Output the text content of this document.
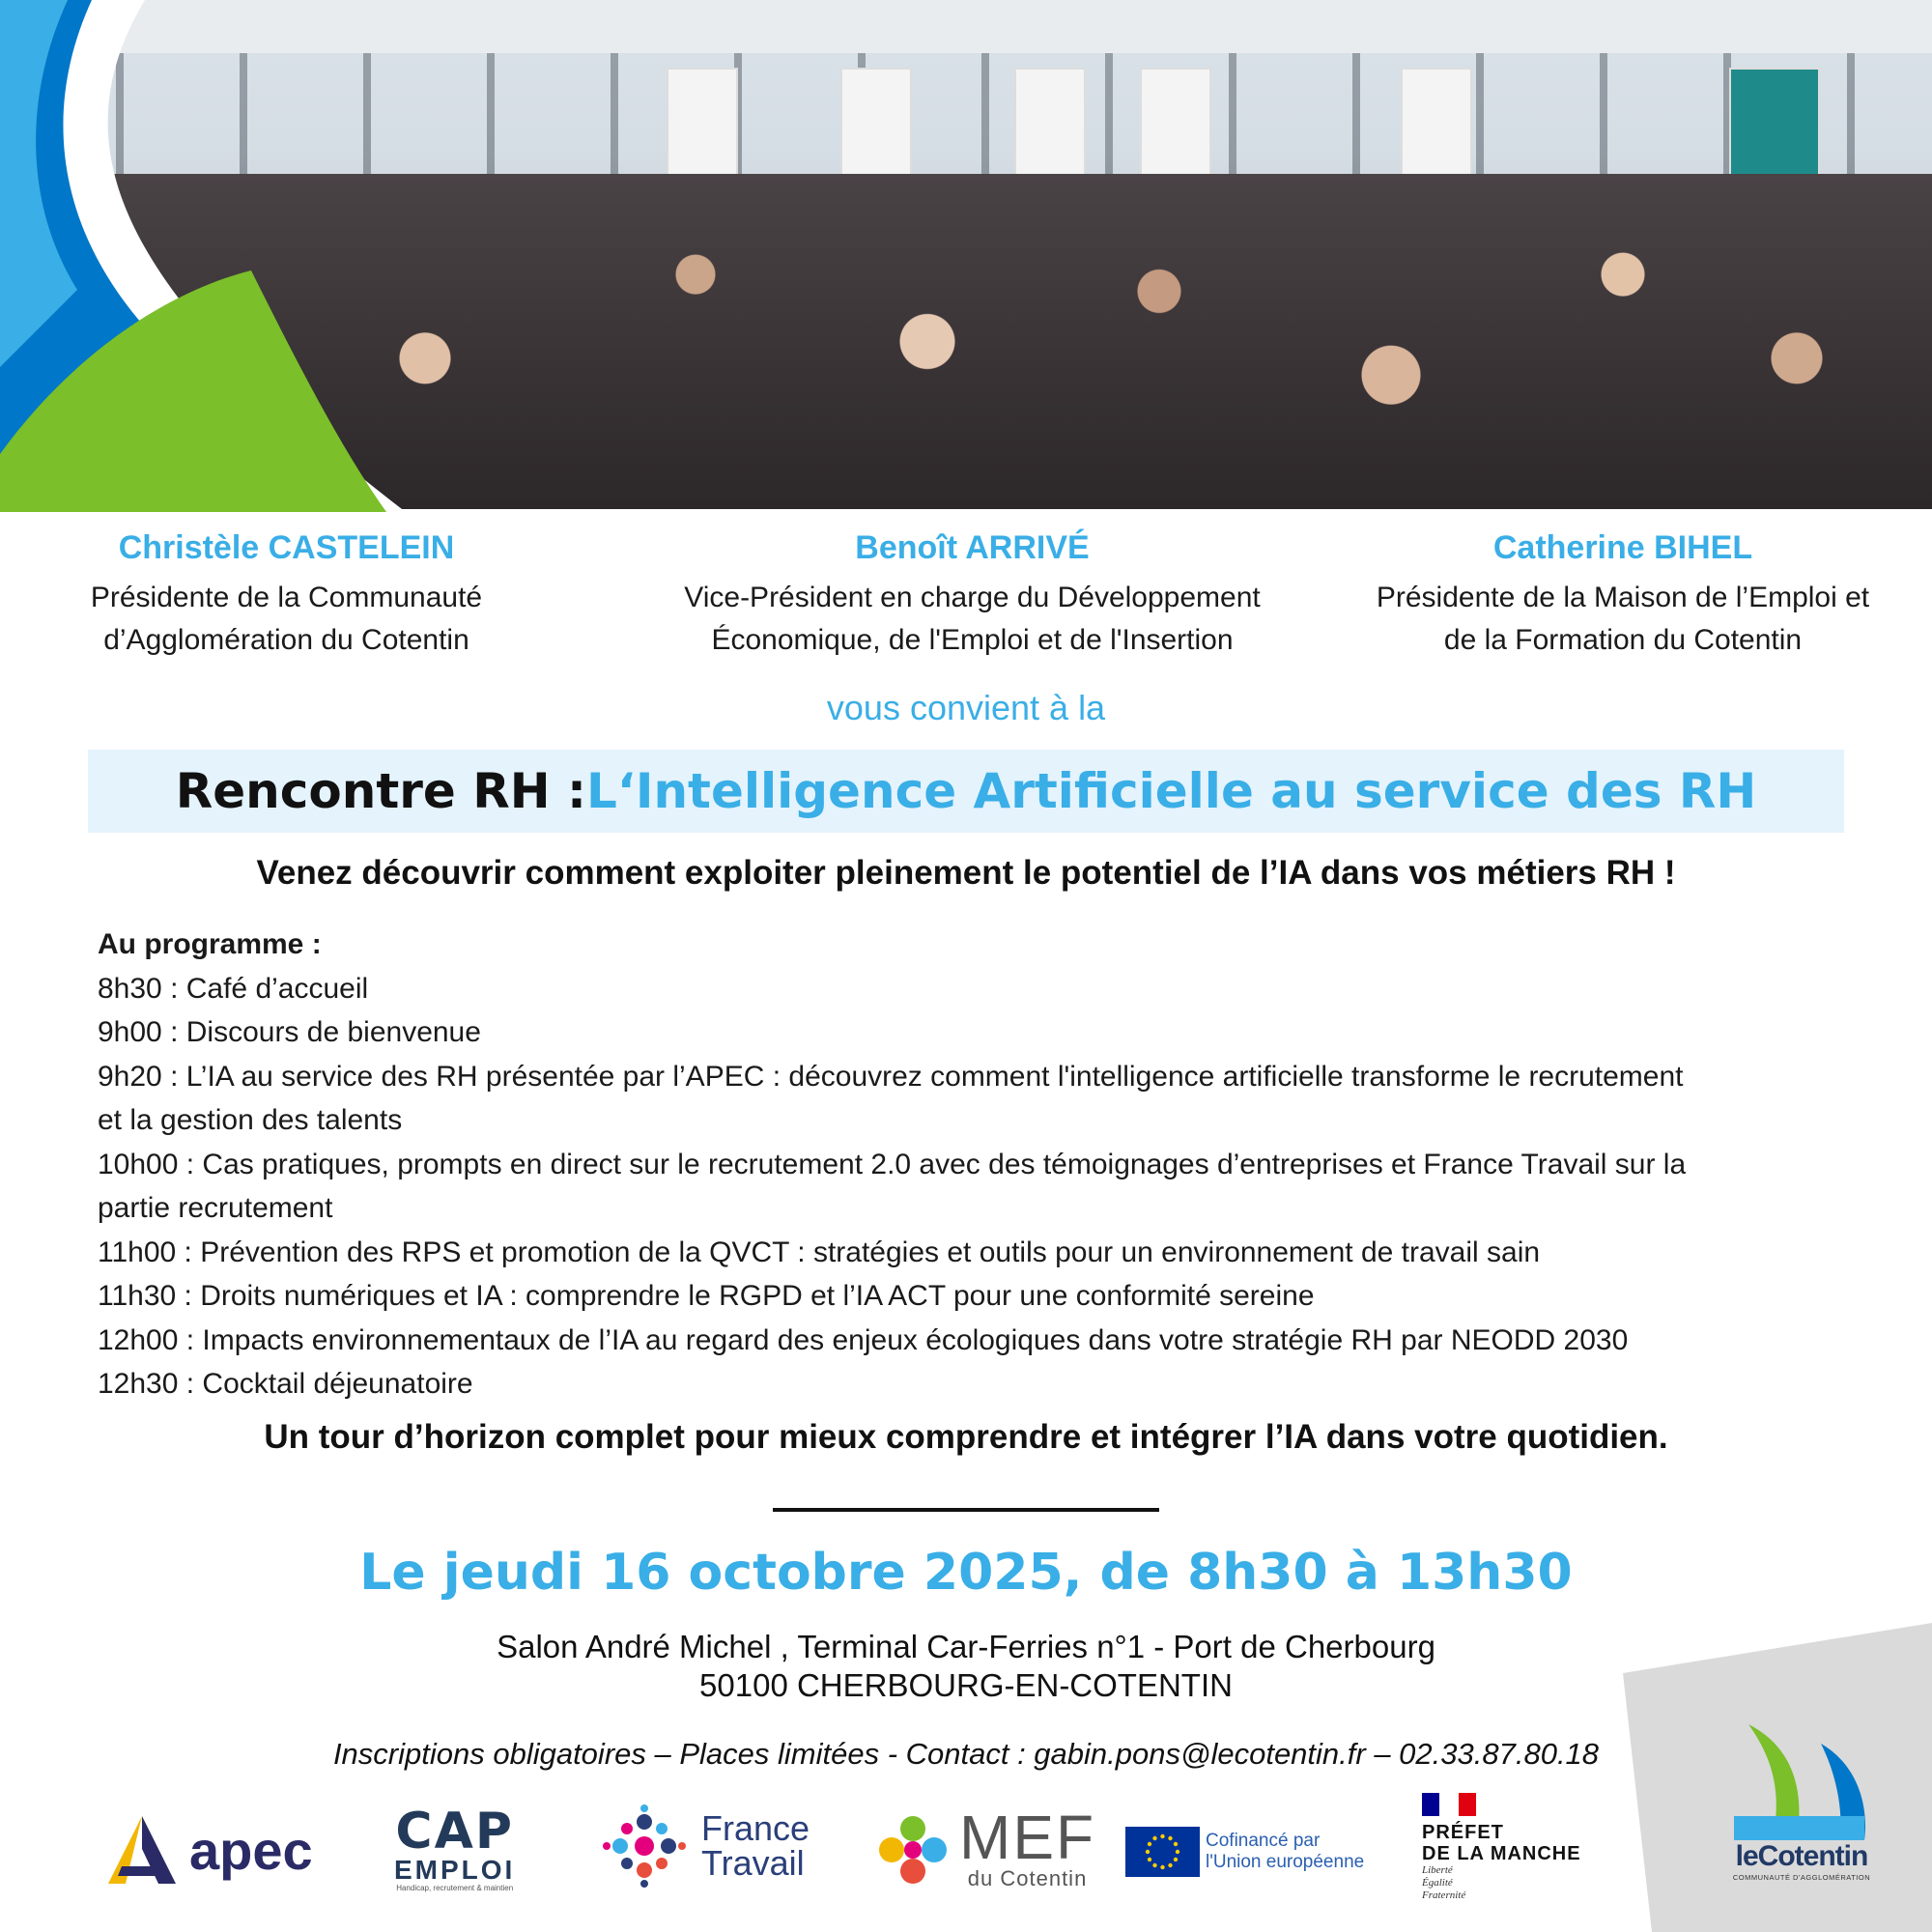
Christèle CASTELEIN
Présidente de la Communauté
d’Agglomération du Cotentin
Benoît ARRIVÉ
Vice-Président en charge du Développement
Économique, de l'Emploi et de l'Insertion
Catherine BIHEL
Présidente de la Maison de l’Emploi et
de la Formation du Cotentin
vous convient à la
Rencontre RH : L‘Intelligence Artificielle au service des RH
Venez découvrir comment exploiter pleinement le potentiel de l’IA dans vos métiers RH !
Au programme :
8h30 : Café d’accueil
9h00 : Discours de bienvenue
9h20 : L’IA au service des RH présentée par l’APEC : découvrez comment l'intelligence artificielle transforme le recrutement
et la gestion des talents
10h00 : Cas pratiques, prompts en direct sur le recrutement 2.0 avec des témoignages d’entreprises et France Travail sur la
partie recrutement
11h00 : Prévention des RPS et promotion de la QVCT : stratégies et outils pour un environnement de travail sain
11h30 : Droits numériques et IA : comprendre le RGPD et l’IA ACT pour une conformité sereine
12h00 : Impacts environnementaux de l’IA au regard des enjeux écologiques dans votre stratégie RH par NEODD 2030
12h30 : Cocktail déjeunatoire
Un tour d’horizon complet pour mieux comprendre et intégrer l’IA dans votre quotidien.
Le jeudi 16 octobre 2025, de 8h30 à 13h30
Salon André Michel , Terminal Car-Ferries n°1 - Port de Cherbourg
50100 CHERBOURG-EN-COTENTIN
Inscriptions obligatoires – Places limitées - Contact : gabin.pons@lecotentin.fr – 02.33.87.80.18
apec CAP
EMPLOI
Handicap, recrutement & maintien
France
Travail	MEF
du Cotentin
Cofinancé par
l'Union européenne
PRÉFET
DE LA MANCHE
Liberté
Égalité
Fraternité
leCotentin
COMMUNAUTÉ D'AGGLOMÉRATION
